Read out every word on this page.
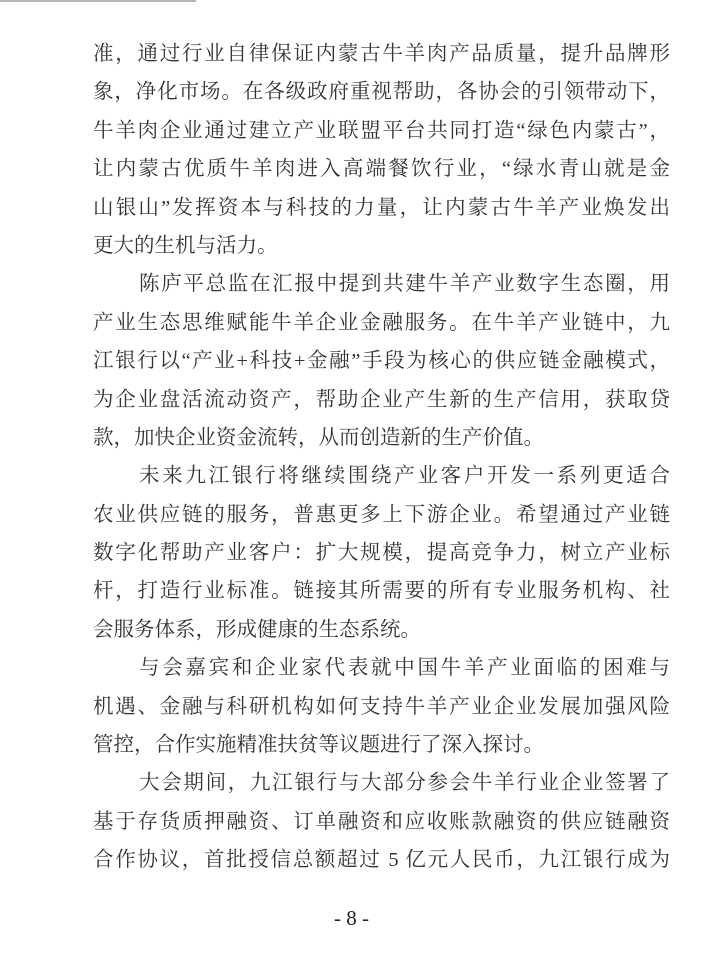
准，通过行业自律保证内蒙古牛羊肉产品质量，提升品牌形
象，净化市场。在各级政府重视帮助，各协会的引领带动下，
牛羊肉企业通过建立产业联盟平台共同打造“绿色内蒙古”，
让内蒙古优质牛羊肉进入高端餐饮行业，“绿水青山就是金
山银山”发挥资本与科技的力量，让内蒙古牛羊产业焕发出
更大的生机与活力。
陈庐平总监在汇报中提到共建牛羊产业数字生态圈，用
产业生态思维赋能牛羊企业金融服务。在牛羊产业链中，九
江银行以“产业+科技+金融”手段为核心的供应链金融模式，
为企业盘活流动资产，帮助企业产生新的生产信用，获取贷
款，加快企业资金流转，从而创造新的生产价值。
未来九江银行将继续围绕产业客户开发一系列更适合
农业供应链的服务，普惠更多上下游企业。希望通过产业链
数字化帮助产业客户：扩大规模，提高竞争力，树立产业标
杆，打造行业标准。链接其所需要的所有专业服务机构、社
会服务体系，形成健康的生态系统。
与会嘉宾和企业家代表就中国牛羊产业面临的困难与
机遇、金融与科研机构如何支持牛羊产业企业发展加强风险
管控，合作实施精准扶贫等议题进行了深入探讨。
大会期间，九江银行与大部分参会牛羊行业企业签署了
基于存货质押融资、订单融资和应收账款融资的供应链融资
合作协议，首批授信总额超过 5 亿元人民币，九江银行成为
- 8 -
